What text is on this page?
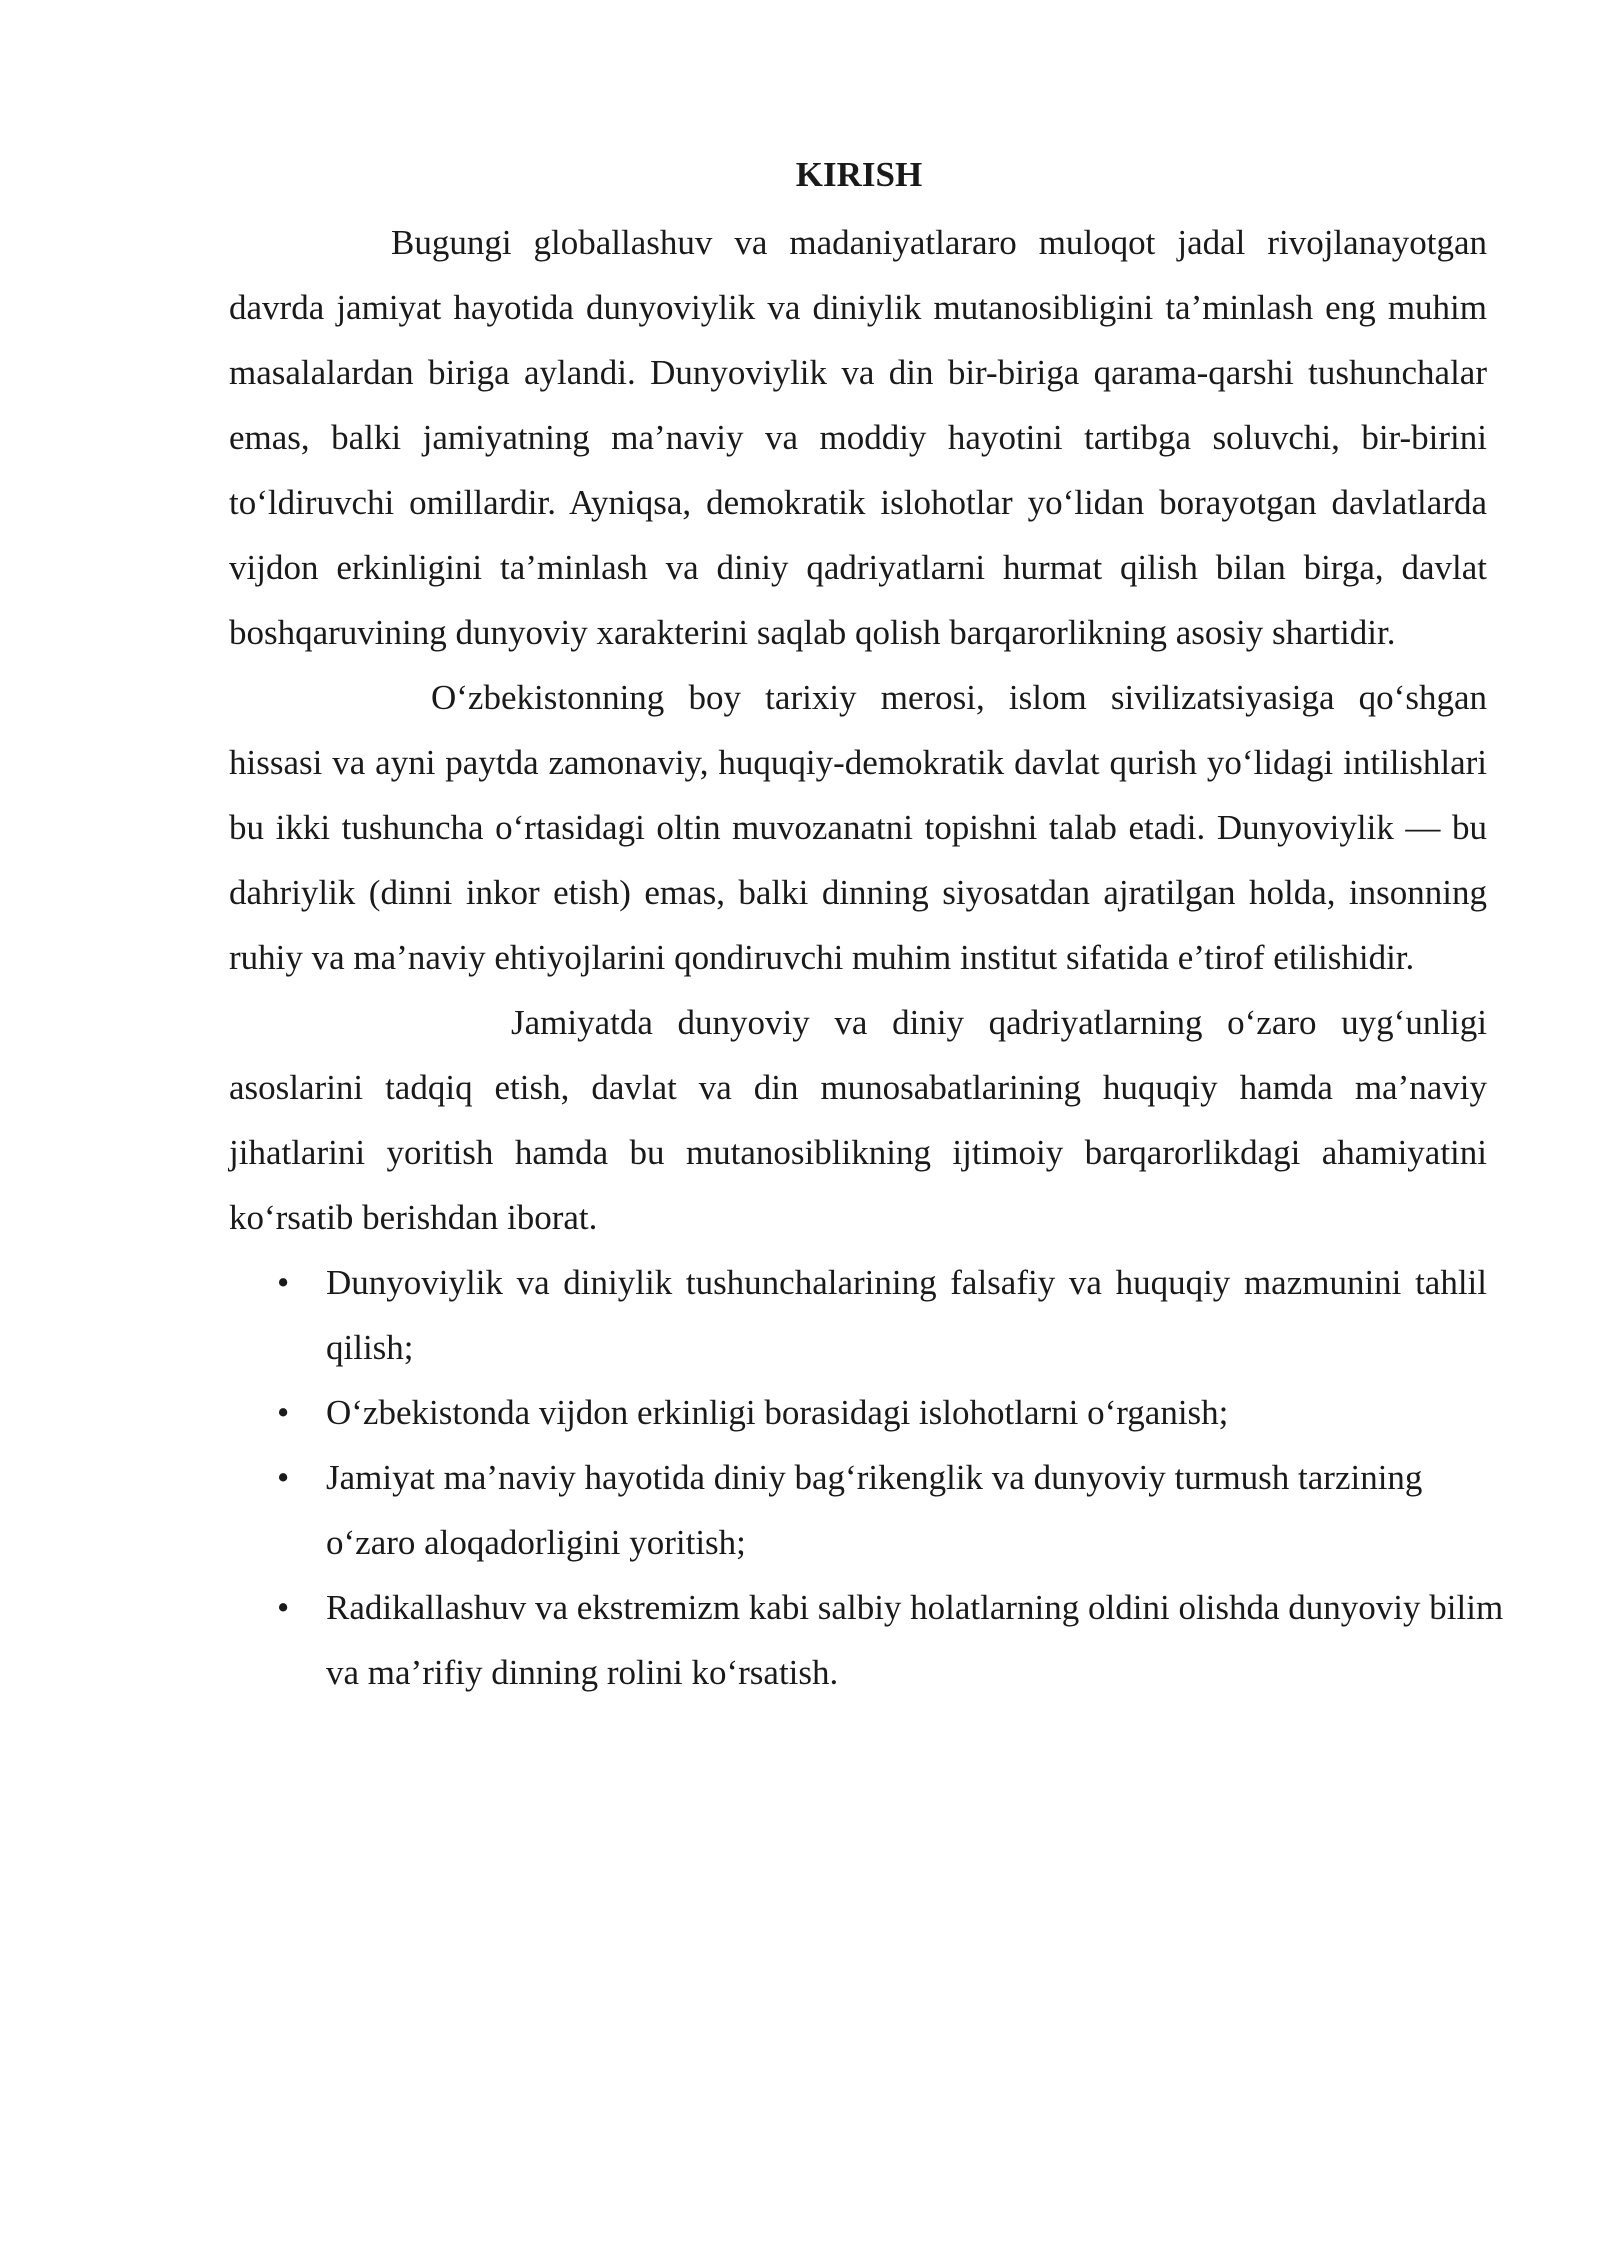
KIRISH

Bugungi globallashuv va madaniyatlararo muloqot jadal rivojlanayotgan davrda jamiyat hayotida dunyoviylik va diniylik mutanosibligini ta’minlash eng muhim masalalardan biriga aylandi. Dunyoviylik va din bir-biriga qarama-qarshi tushunchalar emas, balki jamiyatning ma’naviy va moddiy hayotini tartibga soluvchi, bir-birini to‘ldiruvchi omillardir. Ayniqsa, demokratik islohotlar yo‘lidan borayotgan davlatlarda vijdon erkinligini ta’minlash va diniy qadriyatlarni hurmat qilish bilan birga, davlat boshqaruvining dunyoviy xarakterini saqlab qolish barqarorlikning asosiy shartidir.

O‘zbekistonning boy tarixiy merosi, islom sivilizatsiyasiga qo‘shgan hissasi va ayni paytda zamonaviy, huquqiy-demokratik davlat qurish yo‘lidagi intilishlari bu ikki tushuncha o‘rtasidagi oltin muvozanatni topishni talab etadi. Dunyoviylik — bu dahriylik (dinni inkor etish) emas, balki dinning siyosatdan ajratilgan holda, insonning ruhiy va ma’naviy ehtiyojlarini qondiruvchi muhim institut sifatida e’tirof etilishidir.

Jamiyatda dunyoviy va diniy qadriyatlarning o‘zaro uyg‘unligi asoslarini tadqiq etish, davlat va din munosabatlarining huquqiy hamda ma’naviy jihatlarini yoritish hamda bu mutanosiblikning ijtimoiy barqarorlikdagi ahamiyatini ko‘rsatib berishdan iborat.

• Dunyoviylik va diniylik tushunchalarining falsafiy va huquqiy mazmunini tahlil qilish;
• O‘zbekistonda vijdon erkinligi borasidagi islohotlarni o‘rganish;
• Jamiyat ma’naviy hayotida diniy bag‘rikenglik va dunyoviy turmush tarzining o‘zaro aloqadorligini yoritish;
• Radikallashuv va ekstremizm kabi salbiy holatlarning oldini olishda dunyoviy bilim va ma’rifiy dinning rolini ko‘rsatish.
